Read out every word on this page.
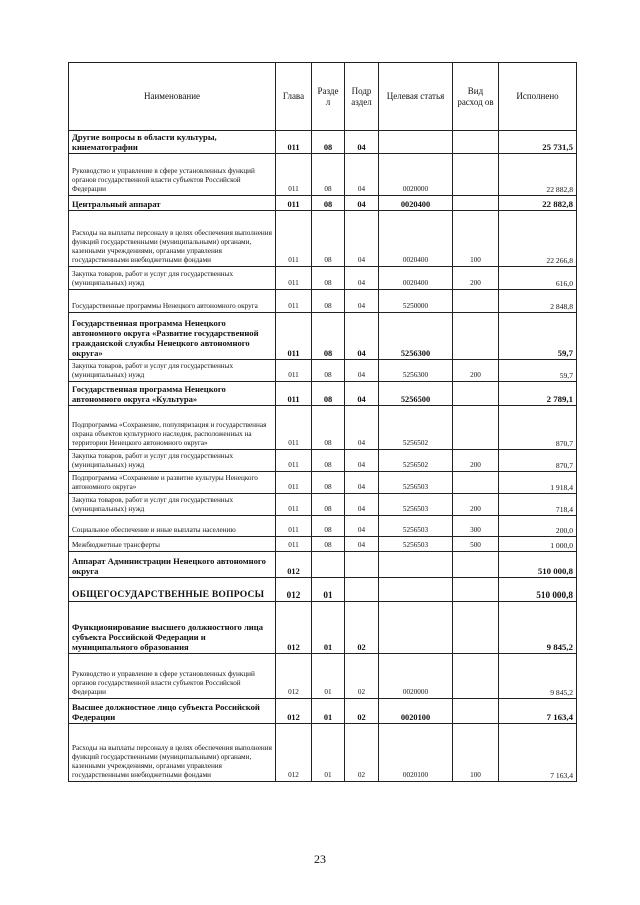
Наименование	Глава	Разде л	Подр аздел	Целевая статья	Вид расход ов	Исполнено
Другие вопросы в области культуры, кинематографии	011	08	04			25 731,5
Руководство и управление в сфере установленных функций органов государственной власти субъектов Российской Федерации	011	08	04	0020000		22 882,8
Центральный аппарат	011	08	04	0020400		22 882,8
Расходы на выплаты персоналу в целях обеспечения выполнения функций государственными (муниципальными) органами, казенными учреждениями, органами управления государственными внебюджетными фондами	011	08	04	0020400	100	22 266,8
Закупка товаров, работ и услуг для государственных (муниципальных) нужд	011	08	04	0020400	200	616,0
Государственные программы Ненецкого автономного округа	011	08	04	5250000		2 848,8
Государственная программа Ненецкого автономного округа «Развитие государственной гражданской службы Ненецкого автономного округа»	011	08	04	5256300		59,7
Закупка товаров, работ и услуг для государственных (муниципальных) нужд	011	08	04	5256300	200	59,7
Государственная программа Ненецкого автономного округа «Культура»	011	08	04	5256500		2 789,1
Подпрограмма «Сохранение, популяризация и государственная охрана объектов культурного наследия, расположенных на территории Ненецкого автономного округа»	011	08	04	5256502		870,7
Закупка товаров, работ и услуг для государственных (муниципальных) нужд	011	08	04	5256502	200	870,7
Подпрограмма «Сохранение и развитие культуры Ненецкого автономного округа»	011	08	04	5256503		1 918,4
Закупка товаров, работ и услуг для государственных (муниципальных) нужд	011	08	04	5256503	200	718,4
Социальное обеспечение и иные выплаты населению	011	08	04	5256503	300	200,0
Межбюджетные трансферты	011	08	04	5256503	500	1 000,0
Аппарат Администрации Ненецкого автономного округа	012					510 000,8
ОБЩЕГОСУДАРСТВЕННЫЕ ВОПРОСЫ	012	01				510 000,8
Функционирование высшего должностного лица субъекта Российской Федерации и муниципального образования	012	01	02			9 845,2
Руководство и управление в сфере установленных функций органов государственной власти субъектов Российской Федерации	012	01	02	0020000		9 845,2
Высшее должностное лицо субъекта Российской Федерации	012	01	02	0020100		7 163,4
Расходы на выплаты персоналу в целях обеспечения выполнения функций государственными (муниципальными) органами, казенными учреждениями, органами управления государственными внебюджетными фондами	012	01	02	0020100	100	7 163,4
23
